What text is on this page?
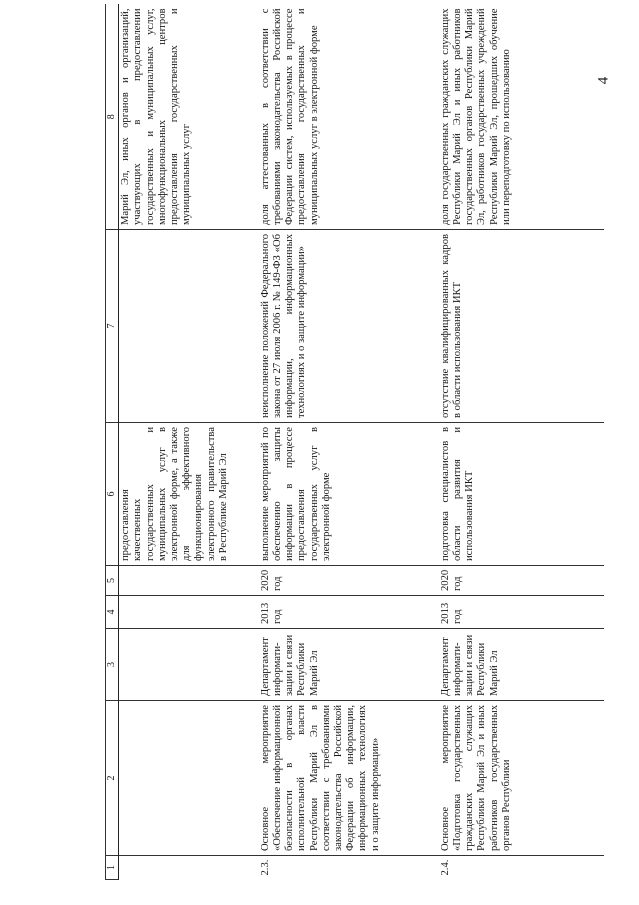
4
1	2	3	4	5	6	7	8
					предоставления качественных государственных и муниципальных услуг в электронной форме, а также для эффективного функционирования электронного правительства в Республике Марий Эл		Марий Эл, иных органов и организаций, участвующих в предоставлении государственных и муниципальных услуг, многофункциональных центров предоставления государственных и муниципальных услуг
2.3.	Основное мероприятие «Обеспечение информационной безопасности в органах исполнительной власти Республики Марий Эл в соответствии с требованиями законодательства Российской Федерации об информации, информационных технологиях и о защите информации»	Департамент информати-зации и связи Республики Марий Эл	2013 год	2020 год	выполнение мероприятий по обеспечению защиты информации в процессе предоставления государственных услуг в электронной форме	неисполнение положений Федерального закона от 27 июля 2006 г. № 149-ФЗ «Об информации, информационных технологиях и о защите информации»	доля аттестованных в соответствии с требованиями законодательства Российской Федерации систем, используемых в процессе предоставления государственных и муниципальных услуг в электронной форме
2.4.	Основное мероприятие «Подготовка государственных гражданских служащих Республики Марий Эл и иных работников государственных органов Республики	Департамент информати-зации и связи Республики Марий Эл	2013 год	2020 год	подготовка специалистов в области развития и использования ИКТ	отсутствие квалифицированных кадров в области использования ИКТ	доля государственных гражданских служащих Республики Марий Эл и иных работников государственных органов Республики Марий Эл, работников государственных учреждений Республики Марий Эл, прошедших обучение или переподготовку по использованию
